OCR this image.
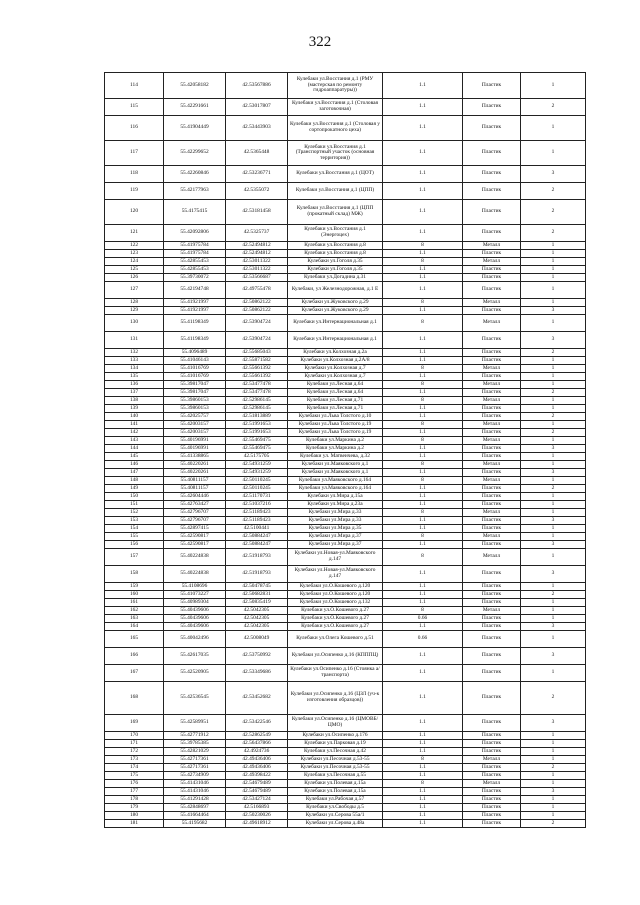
322
114	55.42058182	42.53567886	Кулебаки ул.Восстания д.1 (РМУ (мастерская по ремонту гидроаппаратуры))	1.1	Пластик	1
115	55.42291661	42.53017807	Кулебаки ул.Восстания д.1 (Столовая заготовочная)	1.1	Пластик	2
116	55.41904449	42.53443903	Кулебаки ул.Восстания д.1 (Столовая у сортопрокатного цеха)	1.1	Пластик	1
117	55.42299652	42.5365448	Кулебаки ул.Восстания д.1 (Транспортный участок (основная территория))	1.1	Пластик	1
118	55.42260846	42.53236771	Кулебаки ул.Восстания д.1 (ЦОТ)	1.1	Пластик	3
119	55.42177963	42.5355072	Кулебаки ул.Восстания д.1 (ЦПП)	1.1	Пластик	2
120	55.4175415	42.53181458	Кулебаки ул.Восстания д.1 (ЦПП (прокатный склад) МЖ)	1.1	Пластик	2
121	55.42092806	42.5325737	Кулебаки ул.Восстания д.1 (Энергоцех)	1.1	Пластик	2
122	55.41975784	42.52494812	Кулебаки ул.Восстания д.8	8	Металл	1
123	55.41975784	42.52494812	Кулебаки ул.Восстания д.8	1.1	Пластик	1
124	55.42855453	42.53011322	Кулебаки ул.Гоголя д.35	8	Металл	1
125	55.42855453	42.53011322	Кулебаки ул.Гоголя д.35	1.1	Пластик	1
126	55.39730072	42.53566687	Кулебаки ул.Догадина д.31	1.1	Пластик	1
127	55.42194748	42.49755478	Кулебаки, ул Железнодорожная, д.1 Е	1.1	Пластик	1
128	55.41921997	42.50862122	Кулебаки ул.Жуковского д.29	8	Металл	1
129	55.41921997	42.50862122	Кулебаки ул.Жуковского д.29	1.1	Пластик	3
130	55.41198349	42.53904724	Кулебаки ул.Интернациональная д.1	8	Металл	1
131	55.41198349	42.53904724	Кулебаки ул.Интернациональная д.1	1.1	Пластик	3
132	55.4096489	42.55685043	Кулебаки ул.Колхозная д.2а	1.1	Пластик	2
133	55.41046143	42.55871582	Кулебаки ул.Колхозная д.2А/8	1.1	Пластик	1
134	55.41016769	42.55661392	Кулебаки ул.Колхозная д.7	8	Металл	1
135	55.41016769	42.55661392	Кулебаки ул.Колхозная д.7	1.1	Пластик	1
136	55.39817047	42.53477478	Кулебаки ул.Лесная д.64	8	Металл	1
137	55.39817047	42.53477478	Кулебаки ул.Лесная д.64	1.1	Пластик	2
138	55.39860153	42.52986145	Кулебаки ул.Лесная д.71	8	Металл	1
139	55.39860153	42.52986145	Кулебаки ул.Лесная д.71	1.1	Пластик	1
140	55.42025757	42.51813889	Кулебаки ул.Льва Толстого д.10	1.1	Пластик	2
141	55.42003157	42.51991653	Кулебаки ул.Льва Толстого д.19	8	Металл	1
142	55.42003157	42.51991653	Кулебаки ул.Льва Толстого д.19	1.1	Пластик	2
143	55.40196991	42.55469475	Кулебаки ул.Маркина д.2	8	Металл	1
144	55.40196991	42.55469475	Кулебаки ул.Маркина д.2	1.1	Пластик	3
145	55.41338865	42.5175705	Кулебаки ул. Матвеичева, д.32	1.1	Пластик	1
146	55.40220261	42.54931259	Кулебаки ул.Маяковского д.1	8	Металл	1
147	55.40220261	42.54931259	Кулебаки ул.Маяковского д.1	1.1	Пластик	3
148	55.40811157	42.50110245	Кулебаки ул.Маяковского д.164	8	Металл	1
149	55.40811157	42.50110245	Кулебаки ул.Маяковского д.164	1.1	Пластик	2
150	55.42604446	42.51170731	Кулебаки ул.Мира д.15а	1.1	Пластик	1
151	55.42763427	42.51037216	Кулебаки ул.Мира д.23а	1.1	Пластик	1
152	55.42796707	42.51189423	Кулебаки ул.Мира д.33	8	Металл	1
153	55.42796707	42.51189423	Кулебаки ул.Мира д.33	1.1	Пластик	3
154	55.42897415	42.5100441	Кулебаки ул.Мира д.35	1.1	Пластик	1
155	55.42590817	42.50884247	Кулебаки ул.Мира д.37	8	Металл	1
156	55.42590817	42.50884247	Кулебаки ул.Мира д.37	1.1	Пластик	3
157	55.40224838	42.51918793	Кулебаки ул.Новая-ул.Маяковского д.147	8	Металл	1
158	55.40224838	42.51918793	Кулебаки ул.Новая-ул.Маяковского д.147	1.1	Пластик	3
159	55.4108696	42.50478745	Кулебаки ул.О.Кошевого д.120	1.1	Пластик	1
160	55.41073227	42.50682831	Кулебаки ул.О.Кошевого д.120	1.1	Пластик	2
161	55.40989304	42.50835419	Кулебаки ул.О.Кошевого д.132	1.1	Пластик	1
162	55.40439606	42.5042305	Кулебаки ул.О.Кошевого д.27	8	Металл	1
163	55.40439606	42.5042305	Кулебаки ул.О.Кошевого д.27	0.66	Пластик	1
164	55.40439606	42.5042305	Кулебаки ул.О.Кошевого д.27	1.1	Пластик	3
165	55.40042496	42.5008049	Кулебаки ул.Олега Кошевого д.51	0.66	Пластик	1
166	55.42617035	42.53750992	Кулебаки ул.Осипенко д.16 (КПППЦ)	1.1	Пластик	3
167	55.42520905	42.53349686	Кулебаки ул.Осипенко д.16 (Стоянка а/транспорта)	1.1	Пластик	1
168	55.42536545	42.53452682	Кулебаки ул.Осипенко д.16 (ЦЗЛ (уч-к изготовления образцов))	1.1	Пластик	2
169	55.42589951	42.53422546	Кулебаки ул.Осипенко д.16 (ЦМОВБ/ЦМО)	1.1	Пластик	3
170	55.42771912	42.52862549	Кулебаки ул.Осипенко д.176	1.1	Пластик	1
171	55.39785385	42.56437866	Кулебаки ул.Парковая д.19	1.1	Пластик	1
172	55.42821029	42.4924736	Кулебаки ул.Песочная д.42	1.1	Пластик	1
173	55.42717361	42.49436406	Кулебаки ул.Песочная д.53-55	8	Металл	1
174	55.42717361	42.49436406	Кулебаки ул.Песочная д.53-55	1.1	Пластик	2
175	55.42734909	42.49398422	Кулебаки ул.Песочная д.55	1.1	Пластик	1
176	55.41431046	42.54679489	Кулебаки ул.Полевая д.15а	8	Металл	1
177	55.41431046	42.54679489	Кулебаки ул.Полевая д.15а	1.1	Пластик	3
178	55.41291428	42.53427124	Кулебаки ул.Рабочая д.57	1.1	Пластик	1
179	55.42848697	42.5166893	Кулебаки ул.Свободы д.5	1.1	Пластик	1
180	55.41664464	42.50230026	Кулебаки ул.Серова 55а/1	1.1	Пластик	1
181	55.4195682	42.49618912	Кулебаки ул.Серова д.48а	1.1	Пластик	2
